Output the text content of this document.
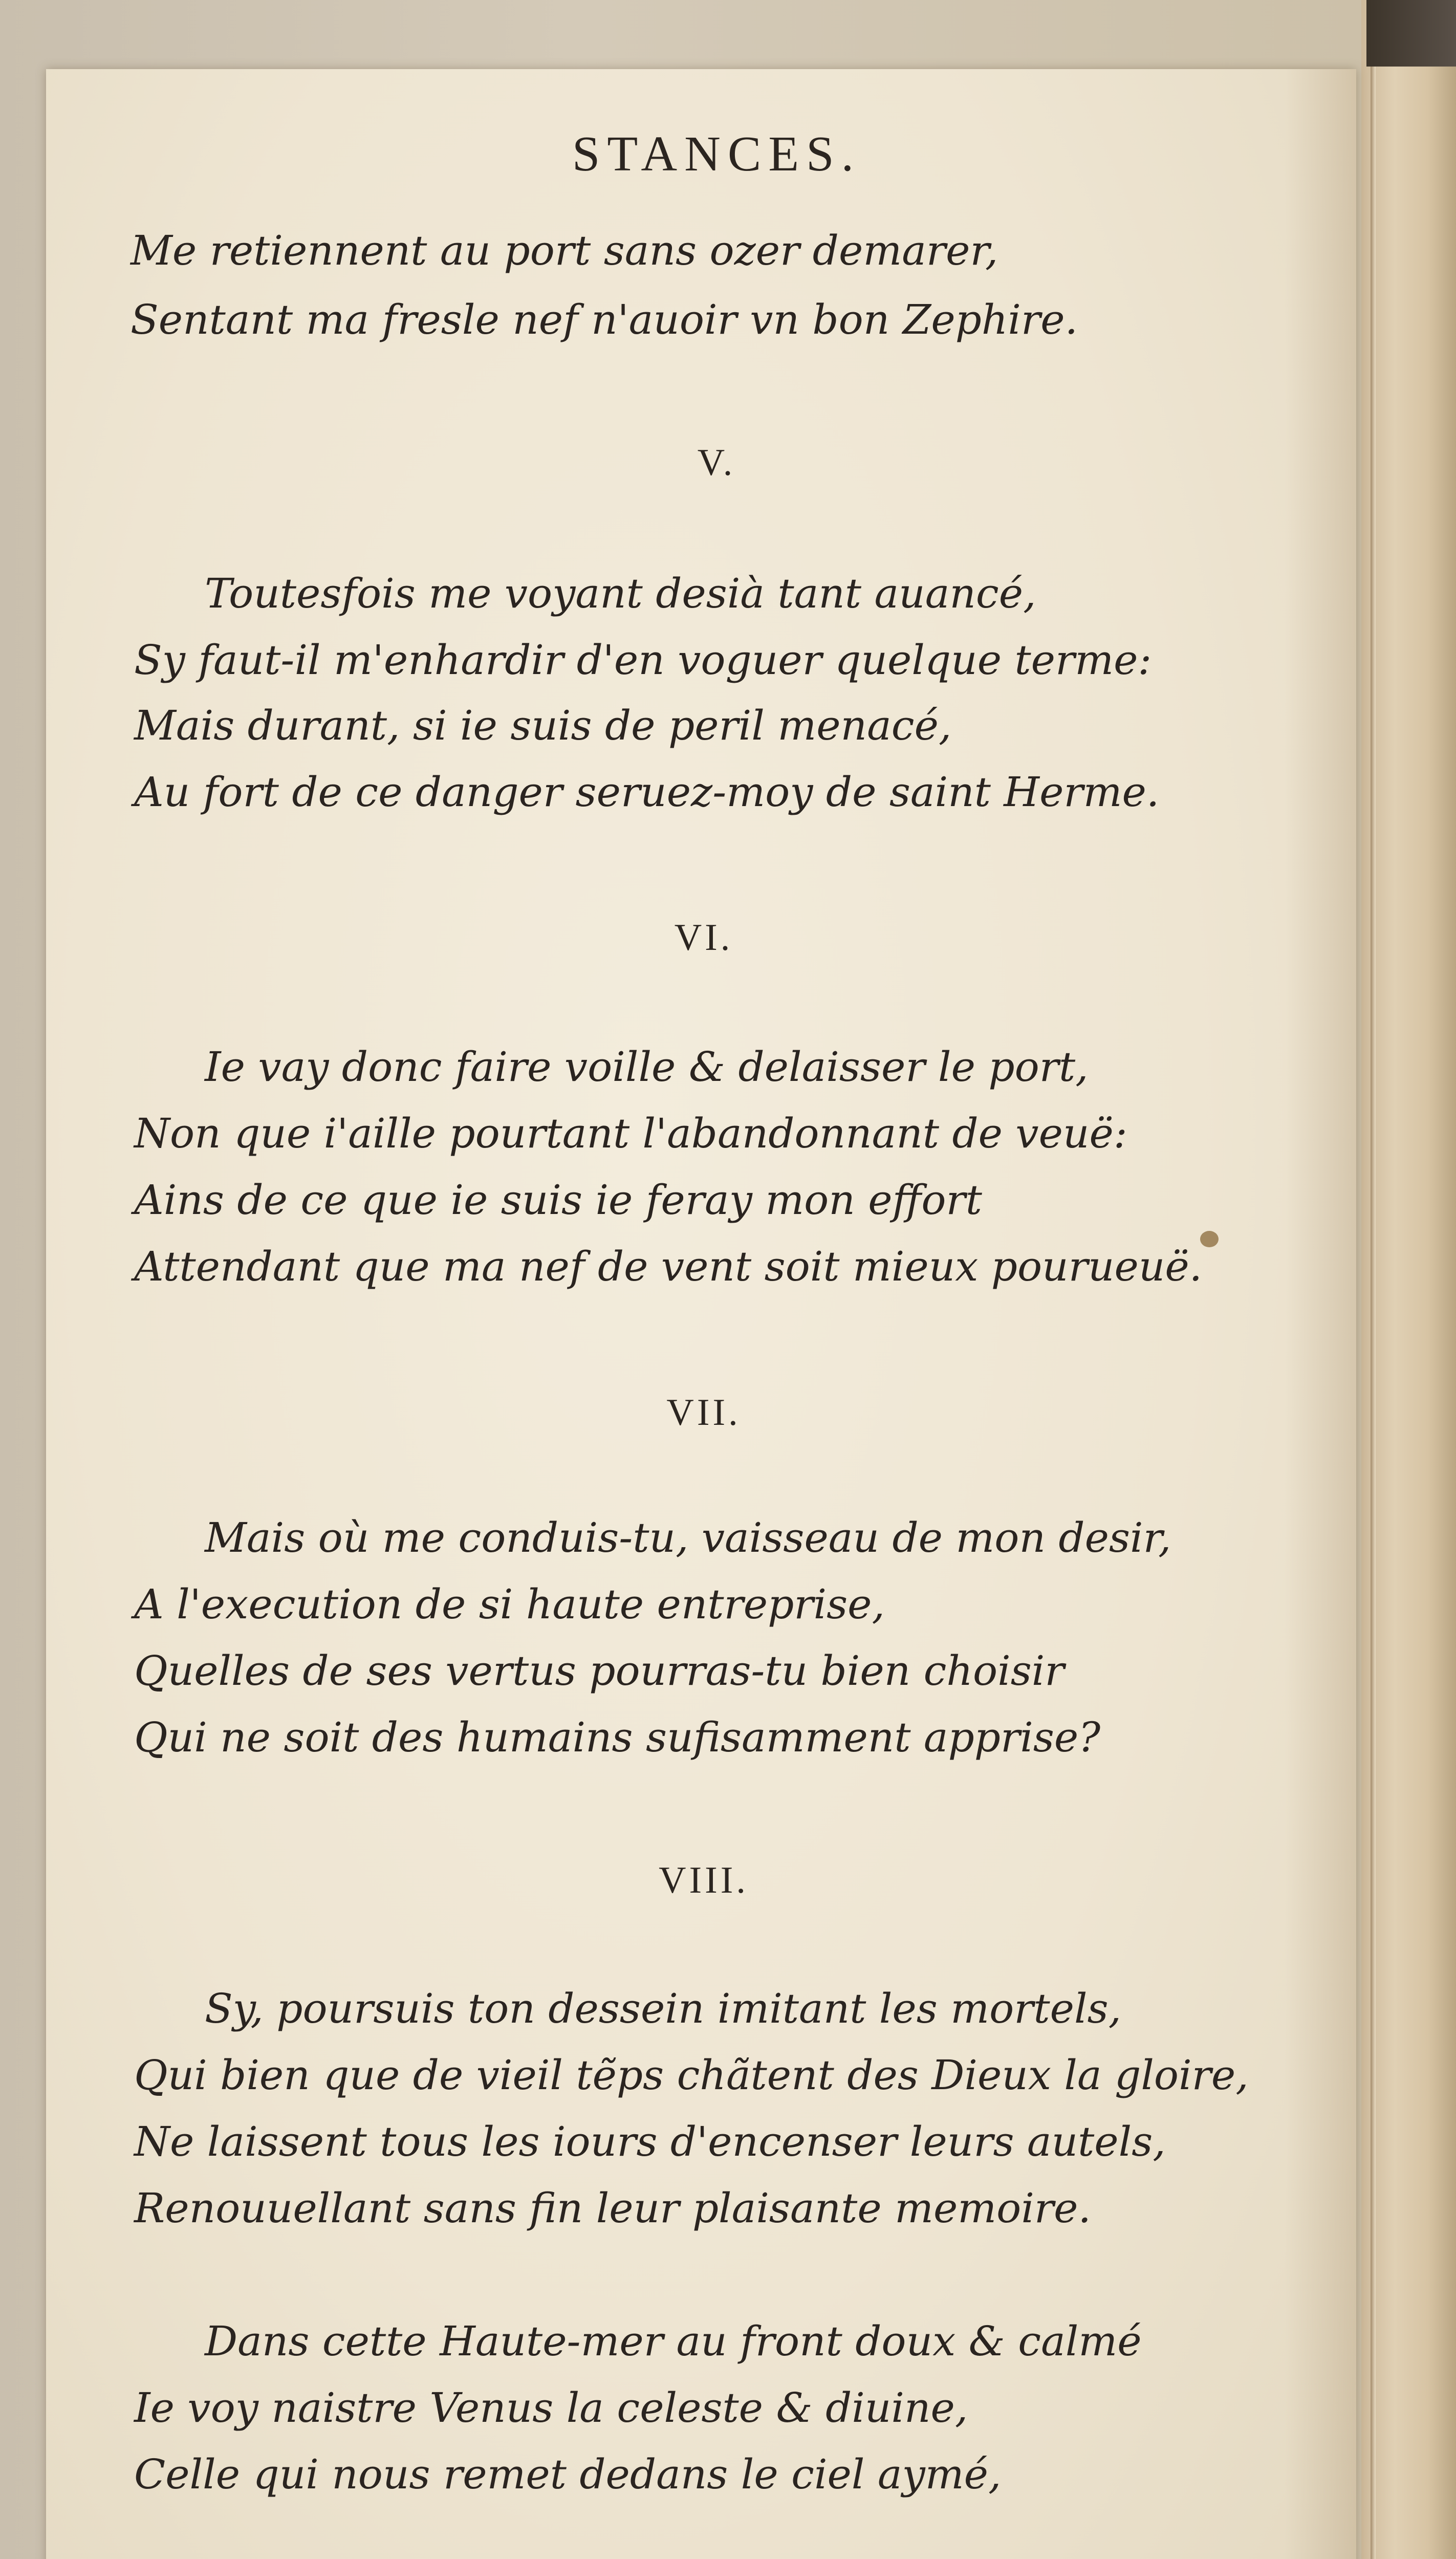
STANCES.
Me retiennent au port sans ozer demarer,
Sentant ma fresle nef n'auoir vn bon Zephire.
V.
Toutesfois me voyant desià tant auancé,
Sy faut-il m'enhardir d'en voguer quelque terme:
Mais durant, si ie suis de peril menacé,
Au fort de ce danger seruez-moy de saint Herme.
VI.
Ie vay donc faire voille & delaisser le port,
Non que i'aille pourtant l'abandonnant de veuë:
Ains de ce que ie suis ie feray mon effort
Attendant que ma nef de vent soit mieux pourueuë.
VII.
Mais où me conduis-tu, vaisseau de mon desir,
A l'execution de si haute entreprise,
Quelles de ses vertus pourras-tu bien choisir
Qui ne soit des humains sufisamment apprise?
VIII.
Sy, poursuis ton dessein imitant les mortels,
Qui bien que de vieil tẽps chãtent des Dieux la gloire,
Ne laissent tous les iours d'encenser leurs autels,
Renouuellant sans fin leur plaisante memoire.
Dans cette Haute-mer au front doux & calmé
Ie voy naistre Venus la celeste & diuine,
Celle qui nous remet dedans le ciel aymé,
